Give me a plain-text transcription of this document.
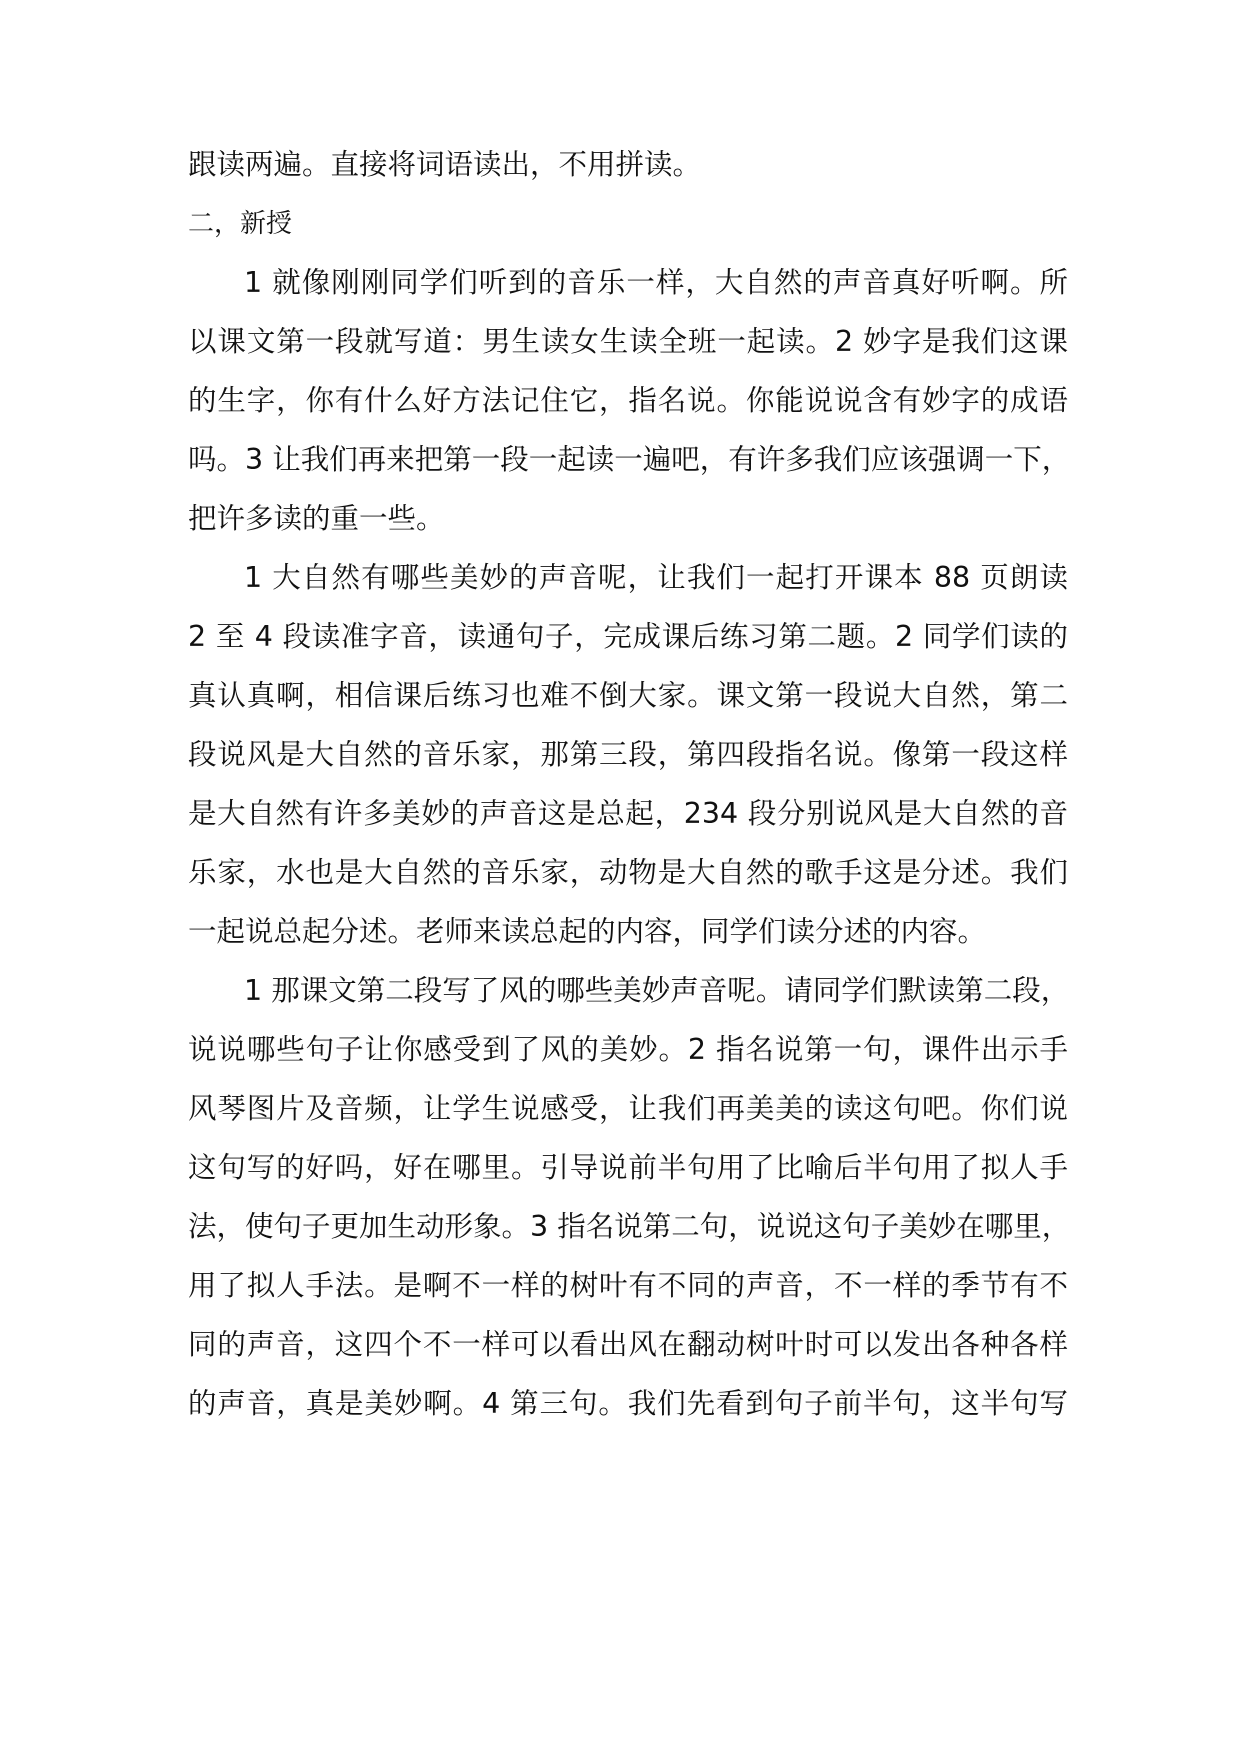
跟读两遍。直接将词语读出，不用拼读。
二，新授
1 就像刚刚同学们听到的音乐一样，大自然的声音真好听啊。所
以课文第一段就写道：男生读女生读全班一起读。2 妙字是我们这课
的生字，你有什么好方法记住它，指名说。你能说说含有妙字的成语
吗。3 让我们再来把第一段一起读一遍吧，有许多我们应该强调一下，
把许多读的重一些。
1 大自然有哪些美妙的声音呢，让我们一起打开课本 88 页朗读
2 至 4 段读准字音，读通句子，完成课后练习第二题。2 同学们读的
真认真啊，相信课后练习也难不倒大家。课文第一段说大自然，第二
段说风是大自然的音乐家，那第三段，第四段指名说。像第一段这样
是大自然有许多美妙的声音这是总起，234 段分别说风是大自然的音
乐家，水也是大自然的音乐家，动物是大自然的歌手这是分述。我们
一起说总起分述。老师来读总起的内容，同学们读分述的内容。
1 那课文第二段写了风的哪些美妙声音呢。请同学们默读第二段，
说说哪些句子让你感受到了风的美妙。2 指名说第一句，课件出示手
风琴图片及音频，让学生说感受，让我们再美美的读这句吧。你们说
这句写的好吗，好在哪里。引导说前半句用了比喻后半句用了拟人手
法，使句子更加生动形象。3 指名说第二句，说说这句子美妙在哪里，
用了拟人手法。是啊不一样的树叶有不同的声音，不一样的季节有不
同的声音，这四个不一样可以看出风在翻动树叶时可以发出各种各样
的声音，真是美妙啊。4 第三句。我们先看到句子前半句，这半句写
